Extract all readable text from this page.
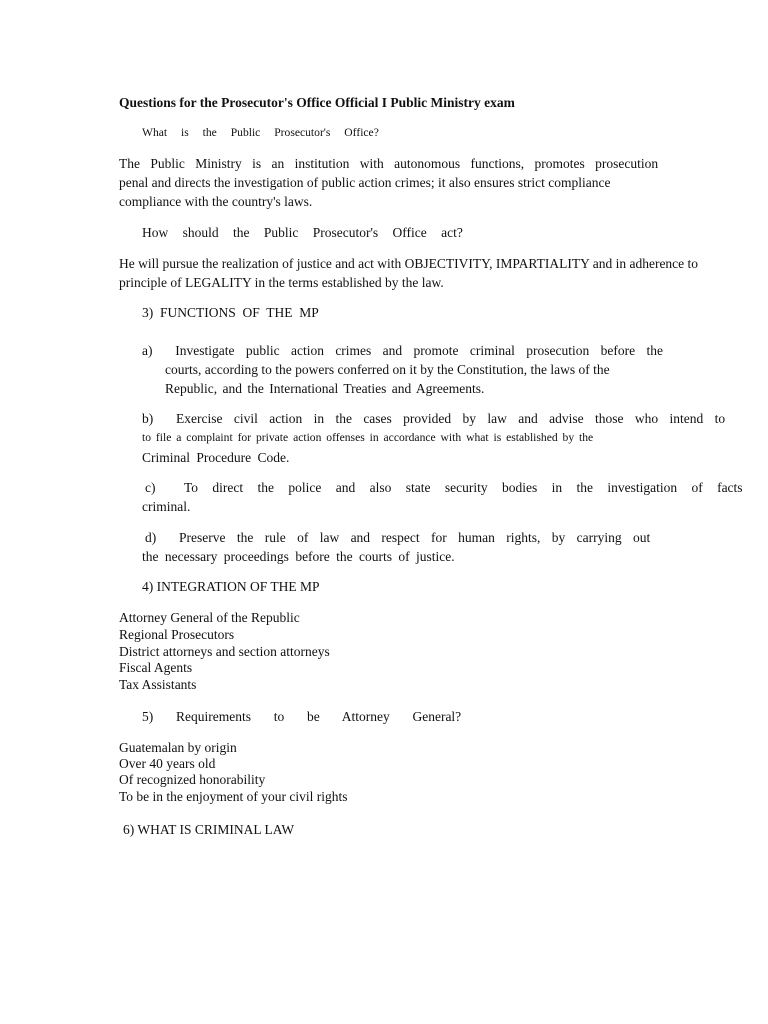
Questions for the Prosecutor's Office Official I Public Ministry exam

What is the Public Prosecutor's Office?

The Public Ministry is an institution with autonomous functions, promotes prosecution

penal and directs the investigation of public action crimes; it also ensures strict compliance

compliance with the country's laws.

How should the Public Prosecutor's Office act?

He will pursue the realization of justice and act with OBJECTIVITY, IMPARTIALITY and in adherence to

principle of LEGALITY in the terms established by the law.

3)  FUNCTIONS  OF  THE  MP

a)  Investigate public action crimes and promote criminal prosecution before the

courts, according to the powers conferred on it by the Constitution, the laws of the

Republic, and the International Treaties and Agreements.

b)  Exercise civil action in the cases provided by law and advise those who intend to

to file a complaint for private action offenses in accordance with what is established by the

Criminal Procedure Code.

c)  To direct the police and also state security bodies in the investigation of facts

criminal.

d)  Preserve the rule of law and respect for human rights, by carrying out

the necessary proceedings before the courts of justice.

4) INTEGRATION OF THE MP

Attorney General of the Republic

Regional Prosecutors

District attorneys and section attorneys

Fiscal Agents

Tax Assistants

5)  Requirements  to  be  Attorney  General?

Guatemalan by origin

Over 40 years old

Of recognized honorability

To be in the enjoyment of your civil rights

6) WHAT IS CRIMINAL LAW
